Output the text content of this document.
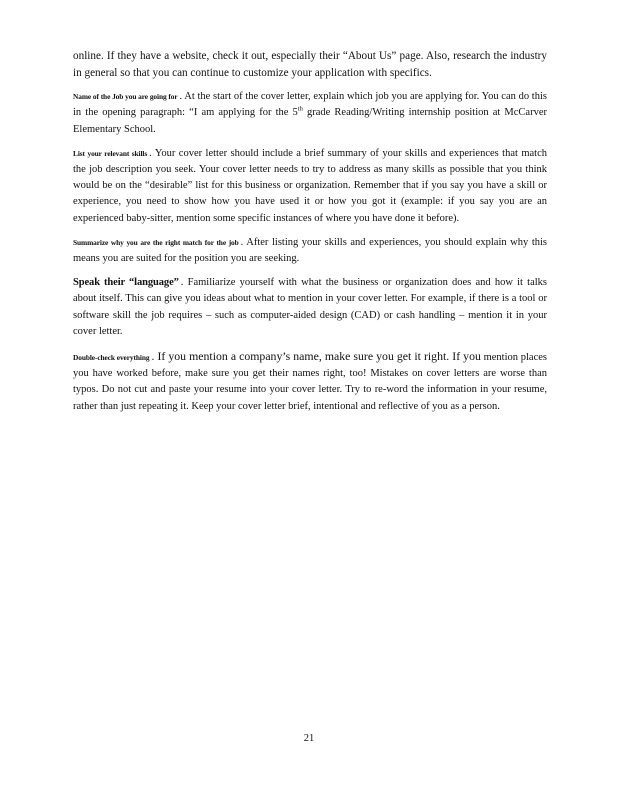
online. If they have a website, check it out, especially their “About Us” page. Also, research the industry in general so that you can continue to customize your application with specifics.

Name of the Job you are going for . At the start of the cover letter, explain which job you are applying for. You can do this in the opening paragraph: “I am applying for the 5th grade Reading/Writing internship position at McCarver Elementary School.

List your relevant skills . Your cover letter should include a brief summary of your skills and experiences that match the job description you seek. Your cover letter needs to try to address as many skills as possible that you think would be on the “desirable” list for this business or organization. Remember that if you say you have a skill or experience, you need to show how you have used it or how you got it (example: if you say you are an experienced baby-sitter, mention some specific instances of where you have done it before).

Summarize why you are the right match for the job . After listing your skills and experiences, you should explain why this means you are suited for the position you are seeking.

Speak their “language” . Familiarize yourself with what the business or organization does and how it talks about itself. This can give you ideas about what to mention in your cover letter. For example, if there is a tool or software skill the job requires – such as computer-aided design (CAD) or cash handling – mention it in your cover letter.

Double-check everything . If you mention a company’s name, make sure you get it right. If you mention places you have worked before, make sure you get their names right, too! Mistakes on cover letters are worse than typos. Do not cut and paste your resume into your cover letter. Try to re-word the information in your resume, rather than just repeating it. Keep your cover letter brief, intentional and reflective of you as a person.

21
